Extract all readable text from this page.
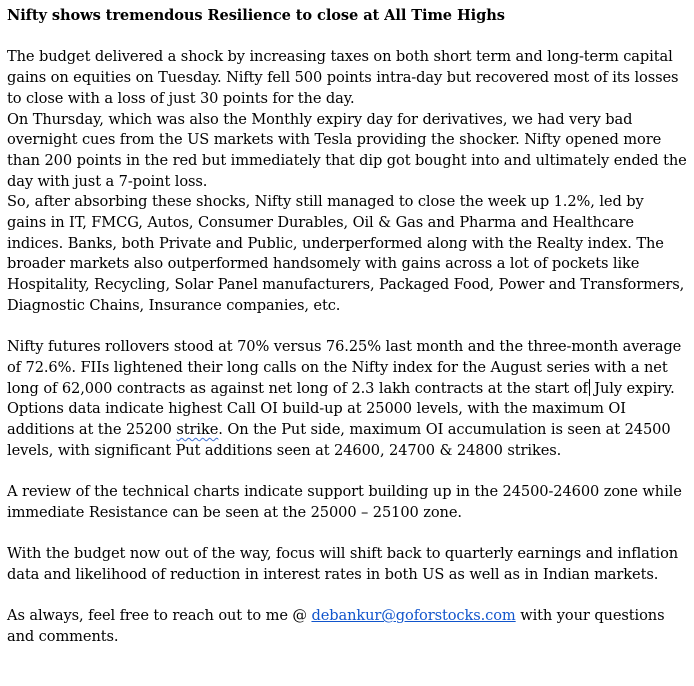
Nifty shows tremendous Resilience to close at All Time Highs

The budget delivered a shock by increasing taxes on both short term and long-term capital gains on equities on Tuesday. Nifty fell 500 points intra-day but recovered most of its losses to close with a loss of just 30 points for the day.

On Thursday, which was also the Monthly expiry day for derivatives, we had very bad overnight cues from the US markets with Tesla providing the shocker. Nifty opened more than 200 points in the red but immediately that dip got bought into and ultimately ended the day with just a 7-point loss.

So, after absorbing these shocks, Nifty still managed to close the week up 1.2%, led by gains in IT, FMCG, Autos, Consumer Durables, Oil & Gas and Pharma and Healthcare indices. Banks, both Private and Public, underperformed along with the Realty index. The broader markets also outperformed handsomely with gains across a lot of pockets like Hospitality, Recycling, Solar Panel manufacturers, Packaged Food, Power and Transformers, Diagnostic Chains, Insurance companies, etc.

Nifty futures rollovers stood at 70% versus 76.25% last month and the three-month average of 72.6%. FIIs lightened their long calls on the Nifty index for the August series with a net long of 62,000 contracts as against net long of 2.3 lakh contracts at the start of July expiry. Options data indicate highest Call OI build-up at 25000 levels, with the maximum OI additions at the 25200 strike. On the Put side, maximum OI accumulation is seen at 24500 levels, with significant Put additions seen at 24600, 24700 & 24800 strikes.

A review of the technical charts indicate support building up in the 24500-24600 zone while immediate Resistance can be seen at the 25000 – 25100 zone.

With the budget now out of the way, focus will shift back to quarterly earnings and inflation data and likelihood of reduction in interest rates in both US as well as in Indian markets.

As always, feel free to reach out to me @ debankur@goforstocks.com with your questions and comments.
